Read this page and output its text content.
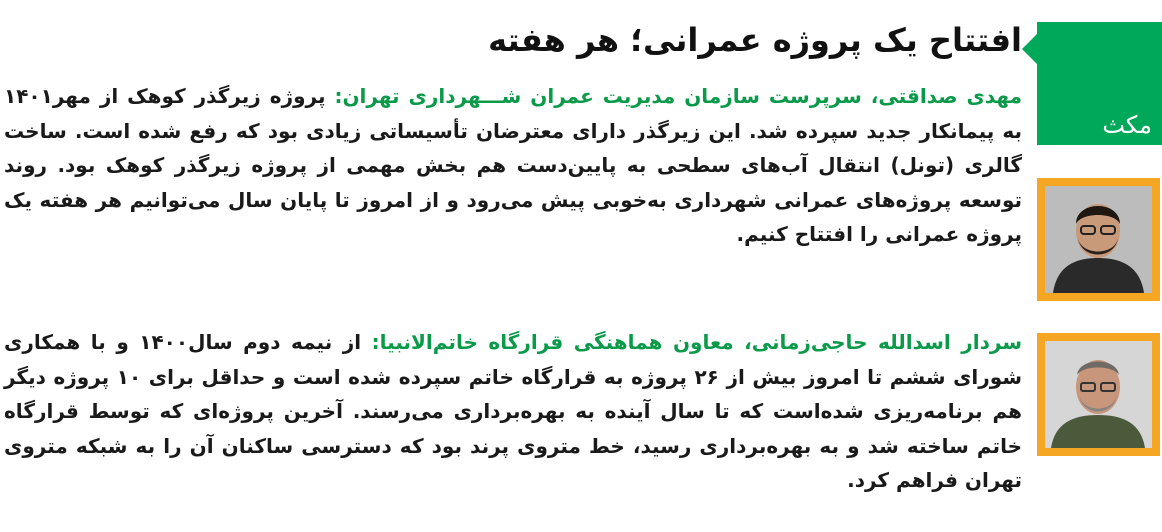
مکث
افتتاح یک پروژه عمرانی؛ هر هفته

مهدی صداقتی، سرپرست سازمان مدیریت عمران شـــهرداری تهران: پروژه زیرگذر کوهک از مهر۱۴۰۱ به پیمانکار جدید سپرده شد. این زیرگذر دارای معترضان تأسیساتی زیادی بود که رفع شده است. ساخت گالری (تونل) انتقال آب‌های سطحی به پایین‌دست هم بخش مهمی از پروژه زیرگذر کوهک بود. روند توسعه پروژه‌های عمرانی شهرداری به‌خوبی پیش می‌رود و از امروز تا پایان سال می‌توانیم هر هفته یک پروژه عمرانی را افتتاح کنیم.

سردار اسدالله حاجی‌زمانی، معاون هماهنگی قرارگاه خاتم‌الانبیا: از نیمه دوم سال۱۴۰۰ و با همکاری شورای ششم تا امروز بیش از ۲۶ پروژه به قرارگاه خاتم سپرده شده است و حداقل برای ۱۰ پروژه دیگر هم برنامه‌ریزی شده‌است که تا سال آینده به بهره‌برداری می‌رسند. آخرین پروژه‌ای که توسط قرارگاه خاتم ساخته شد و به بهره‌برداری رسید، خط متروی پرند بود که دسترسی ساکنان آن را به شبکه متروی تهران فراهم کرد.
